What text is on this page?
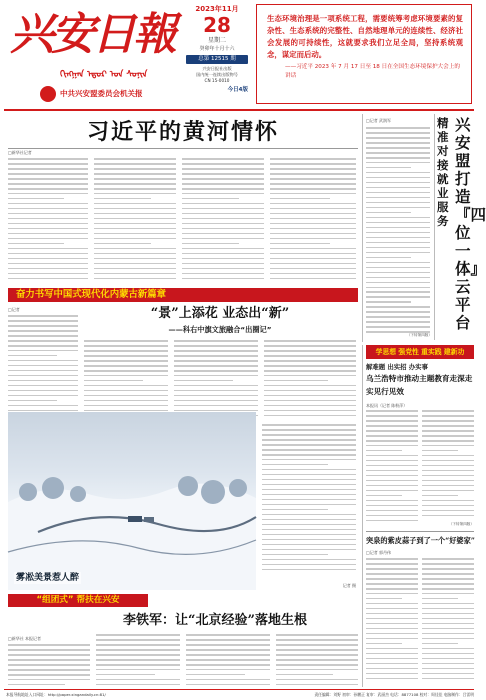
兴安日報
ᠬᠢᠩᠭᠠᠨ ᠡᠳᠦᠷ ᠤᠨ ᠰᠣᠨᠢᠨ
中共兴安盟委员会机关报
2023年11月
28
星期二
癸卯年十月十六
总第 12515 期
兴安日报社出版
国内统一连续出版物号
CN 15-0010
今日4版
生态环境治理是一项系统工程，需要统筹考虑环境要素的复杂性、生态系统的完整性、自然地理单元的连续性、经济社会发展的可持续性，这就要求我们立足全局，坚持系统观念，谋定而后动。
——习近平 2023 年 7 月 17 日至 18 日在全国生态环境保护大会上的讲话
习近平的黄河情怀
□新华社记者
□记者 武润军	兴安盟打造『四位一体』云平台
精准对接就业服务
（下转第四版）
奋力书写中国式现代化内蒙古新篇章
□记者	“景”上添花 业态出“新”
——科右中旗文旅融合“出圈记”
雾凇美景惹人醉
记者 摄
学思想 强党性 重实践 建新功
解难题 出实招 办实事
乌兰浩特市推动主题教育走深走实见行见效
本报讯（记者 陈粉萍）
（下转第四版）
突泉的紫皮蒜子到了一个“好婆家”
□记者 郭丹伟
“组团式” 帮扶在兴安
李铁军：让“北京经验”落地生根
□新华社 本报记者
本报导航地址入口网址：http://paper.xingandaily.cn:81/	责任编辑：刘野 初审：孙鹏正 复审：武丽杰 电话：8877108 校对：周佳佳 电脑制作：吕雷明
